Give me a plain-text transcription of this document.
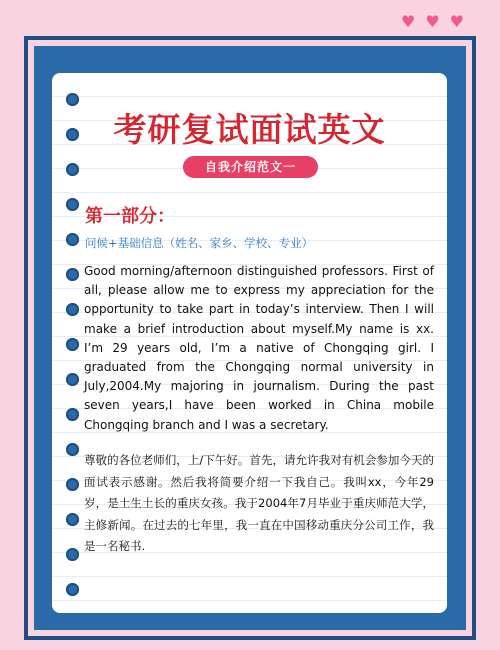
♥ ♥ ♥
考研复试面试英文
自我介绍范文一
第一部分：
问候+基础信息（姓名、家乡、学校、专业）

Good morning/afternoon distinguished professors. First of all, please allow me to express my appreciation for the opportunity to take part in today’s interview. Then I will make a brief introduction about myself.My name is xx. I’m 29 years old, I’m a native of Chongqing girl. I graduated from the Chongqing normal university in July,2004.My majoring in journalism. During the past seven years,I have been worked in China mobile Chongqing branch and I was a secretary.

尊敬的各位老师们，上/下午好。首先，请允许我对有机会参加今天的面试表示感谢。然后我将简要介绍一下我自己。我叫xx，今年29岁，是土生土长的重庆女孩。我于2004年7月毕业于重庆师范大学，主修新闻。在过去的七年里，我一直在中国移动重庆分公司工作，我是一名秘书.
